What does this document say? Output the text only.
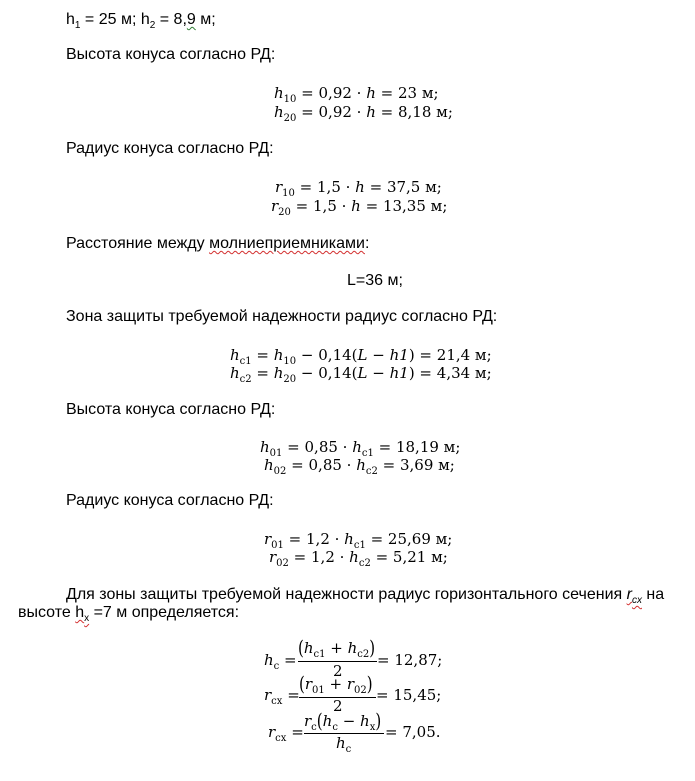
$h_1 = 25$ м; $h_2 = 8,9$ м;
Высота конуса согласно РД:
$h_{10} = 0,92 \cdot h = 23$ м;
$h_{20} = 0,92 \cdot h = 8,18$ м;
Радиус конуса согласно РД:
$r_{10} = 1,5 \cdot h = 37,5$ м;
$r_{20} = 1,5 \cdot h = 13,35$ м;
Расстояние между молниеприемниками:
L=36 м;
Зона защиты требуемой надежности радиус согласно РД:
$h_{c1} = h_{10} - 0,14(L - h1) = 21,4$ м;
$h_{c2} = h_{20} - 0,14(L - h1) = 4,34$ м;
Высота конуса согласно РД:
$h_{01} = 0,85 \cdot h_{c1} = 18,19$ м;
$h_{02} = 0,85 \cdot h_{c2} = 3,69$ м;
Радиус конуса согласно РД:
$r_{01} = 1,2 \cdot h_{c1} = 25,69$ м;
$r_{02} = 1,2 \cdot h_{c2} = 5,21$ м;
Для зоны защиты требуемой надежности радиус горизонтального сечения $r_{cx}$ на
высоте $h_x =7$ м определяется:
$h_c$ =
$(h_{c1} + h_{c2})$
2
= 12,87;
$r_{cx} = (r_{01} + r_{02})$
2
= 15,45;
$r_{cx}$ =
$r_c(h_c - h_x)$
$h_c$
= 7,05.
